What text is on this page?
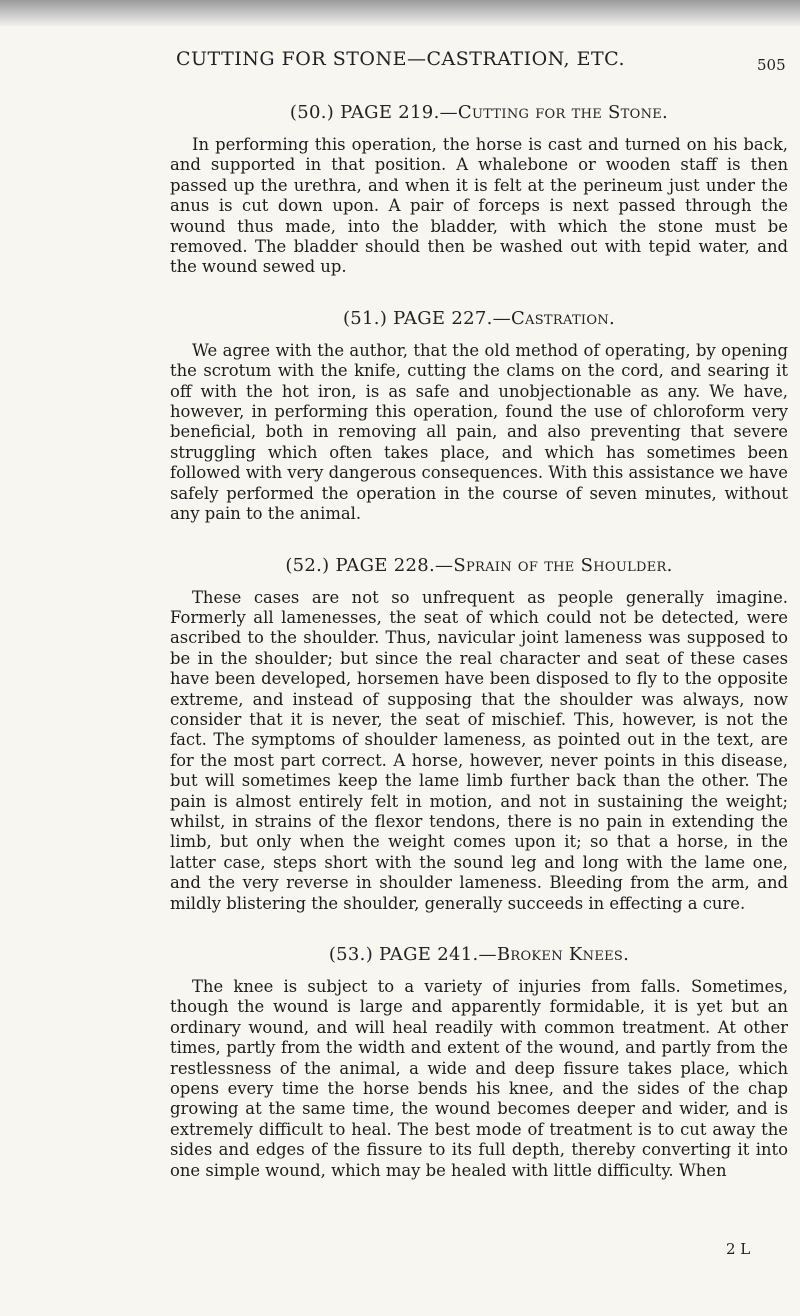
CUTTING FOR STONE—CASTRATION, ETC.	505
(50.) PAGE 219.—Cutting for the Stone.

In performing this operation, the horse is cast and turned on his back, and supported in that position. A whalebone or wooden staff is then passed up the urethra, and when it is felt at the perineum just under the anus is cut down upon. A pair of forceps is next passed through the wound thus made, into the bladder, with which the stone must be removed. The bladder should then be washed out with tepid water, and the wound sewed up.

(51.) PAGE 227.—Castration.

We agree with the author, that the old method of operating, by opening the scrotum with the knife, cutting the clams on the cord, and searing it off with the hot iron, is as safe and unobjectionable as any. We have, however, in performing this operation, found the use of chloroform very beneficial, both in removing all pain, and also preventing that severe struggling which often takes place, and which has sometimes been followed with very dangerous consequences. With this assistance we have safely performed the operation in the course of seven minutes, without any pain to the animal.

(52.) PAGE 228.—Sprain of the Shoulder.

These cases are not so unfrequent as people generally imagine. Formerly all lamenesses, the seat of which could not be detected, were ascribed to the shoulder. Thus, navicular joint lameness was supposed to be in the shoulder; but since the real character and seat of these cases have been developed, horsemen have been disposed to fly to the opposite extreme, and instead of supposing that the shoulder was always, now consider that it is never, the seat of mischief. This, however, is not the fact. The symptoms of shoulder lameness, as pointed out in the text, are for the most part correct. A horse, however, never points in this disease, but will sometimes keep the lame limb further back than the other. The pain is almost entirely felt in motion, and not in sustaining the weight; whilst, in strains of the flexor tendons, there is no pain in extending the limb, but only when the weight comes upon it; so that a horse, in the latter case, steps short with the sound leg and long with the lame one, and the very reverse in shoulder lameness. Bleeding from the arm, and mildly blistering the shoulder, generally succeeds in effecting a cure.

(53.) PAGE 241.—Broken Knees.

The knee is subject to a variety of injuries from falls. Sometimes, though the wound is large and apparently formidable, it is yet but an ordinary wound, and will heal readily with common treatment. At other times, partly from the width and extent of the wound, and partly from the restlessness of the animal, a wide and deep fissure takes place, which opens every time the horse bends his knee, and the sides of the chap growing at the same time, the wound becomes deeper and wider, and is extremely difficult to heal. The best mode of treatment is to cut away the sides and edges of the fissure to its full depth, thereby converting it into one simple wound, which may be healed with little difficulty. When

2 L
